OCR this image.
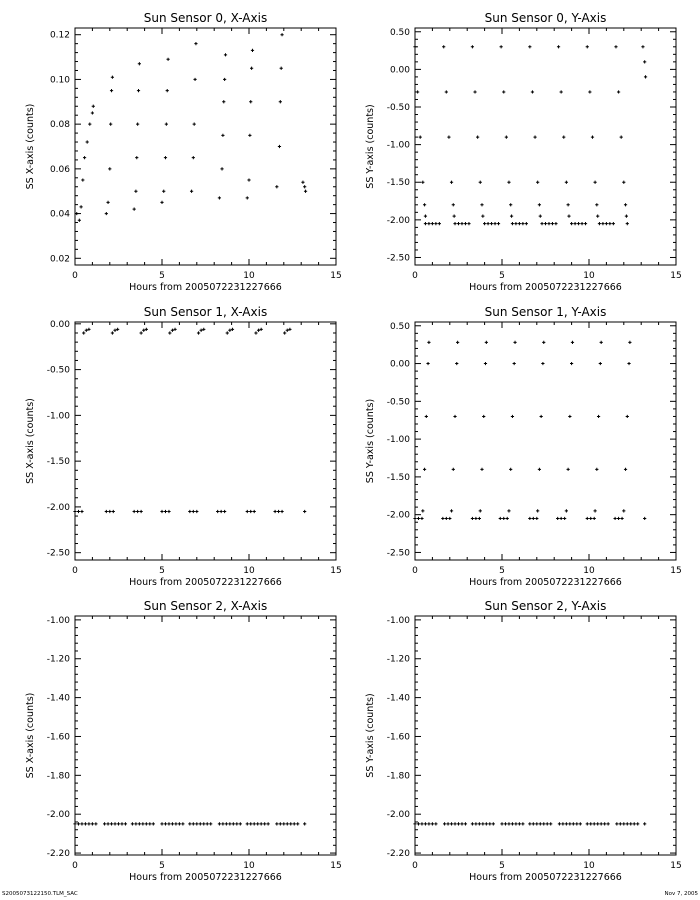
Sun Sensor 0, X-Axis
0	5	10	15
0.02
0.04
0.06
0.08
0.10
0.12
Hours from 2005072231227666
SS X-axis (counts)
Sun Sensor 0, Y-Axis
0	5	10	15
0.50
0.00
-0.50
-1.00
-1.50
-2.00
-2.50
Hours from 2005072231227666
SS Y-axis (counts)
Sun Sensor 1, X-Axis
0	5	10	15
0.00
-0.50
-1.00
-1.50
-2.00
-2.50
Hours from 2005072231227666
SS X-axis (counts)
Sun Sensor 1, Y-Axis
0	5	10	15
0.50
0.00
-0.50
-1.00
-1.50
-2.00
-2.50
Hours from 2005072231227666
SS Y-axis (counts)
Sun Sensor 2, X-Axis
0	5	10	15
-1.00
-1.20
-1.40
-1.60
-1.80
-2.00
-2.20
Hours from 2005072231227666
SS X-axis (counts)
Sun Sensor 2, Y-Axis
0	5	10	15
-1.00
-1.20
-1.40
-1.60
-1.80
-2.00
-2.20
Hours from 2005072231227666
SS Y-axis (counts)
S2005073122150.TLM_SAC	Nov 7, 2005
